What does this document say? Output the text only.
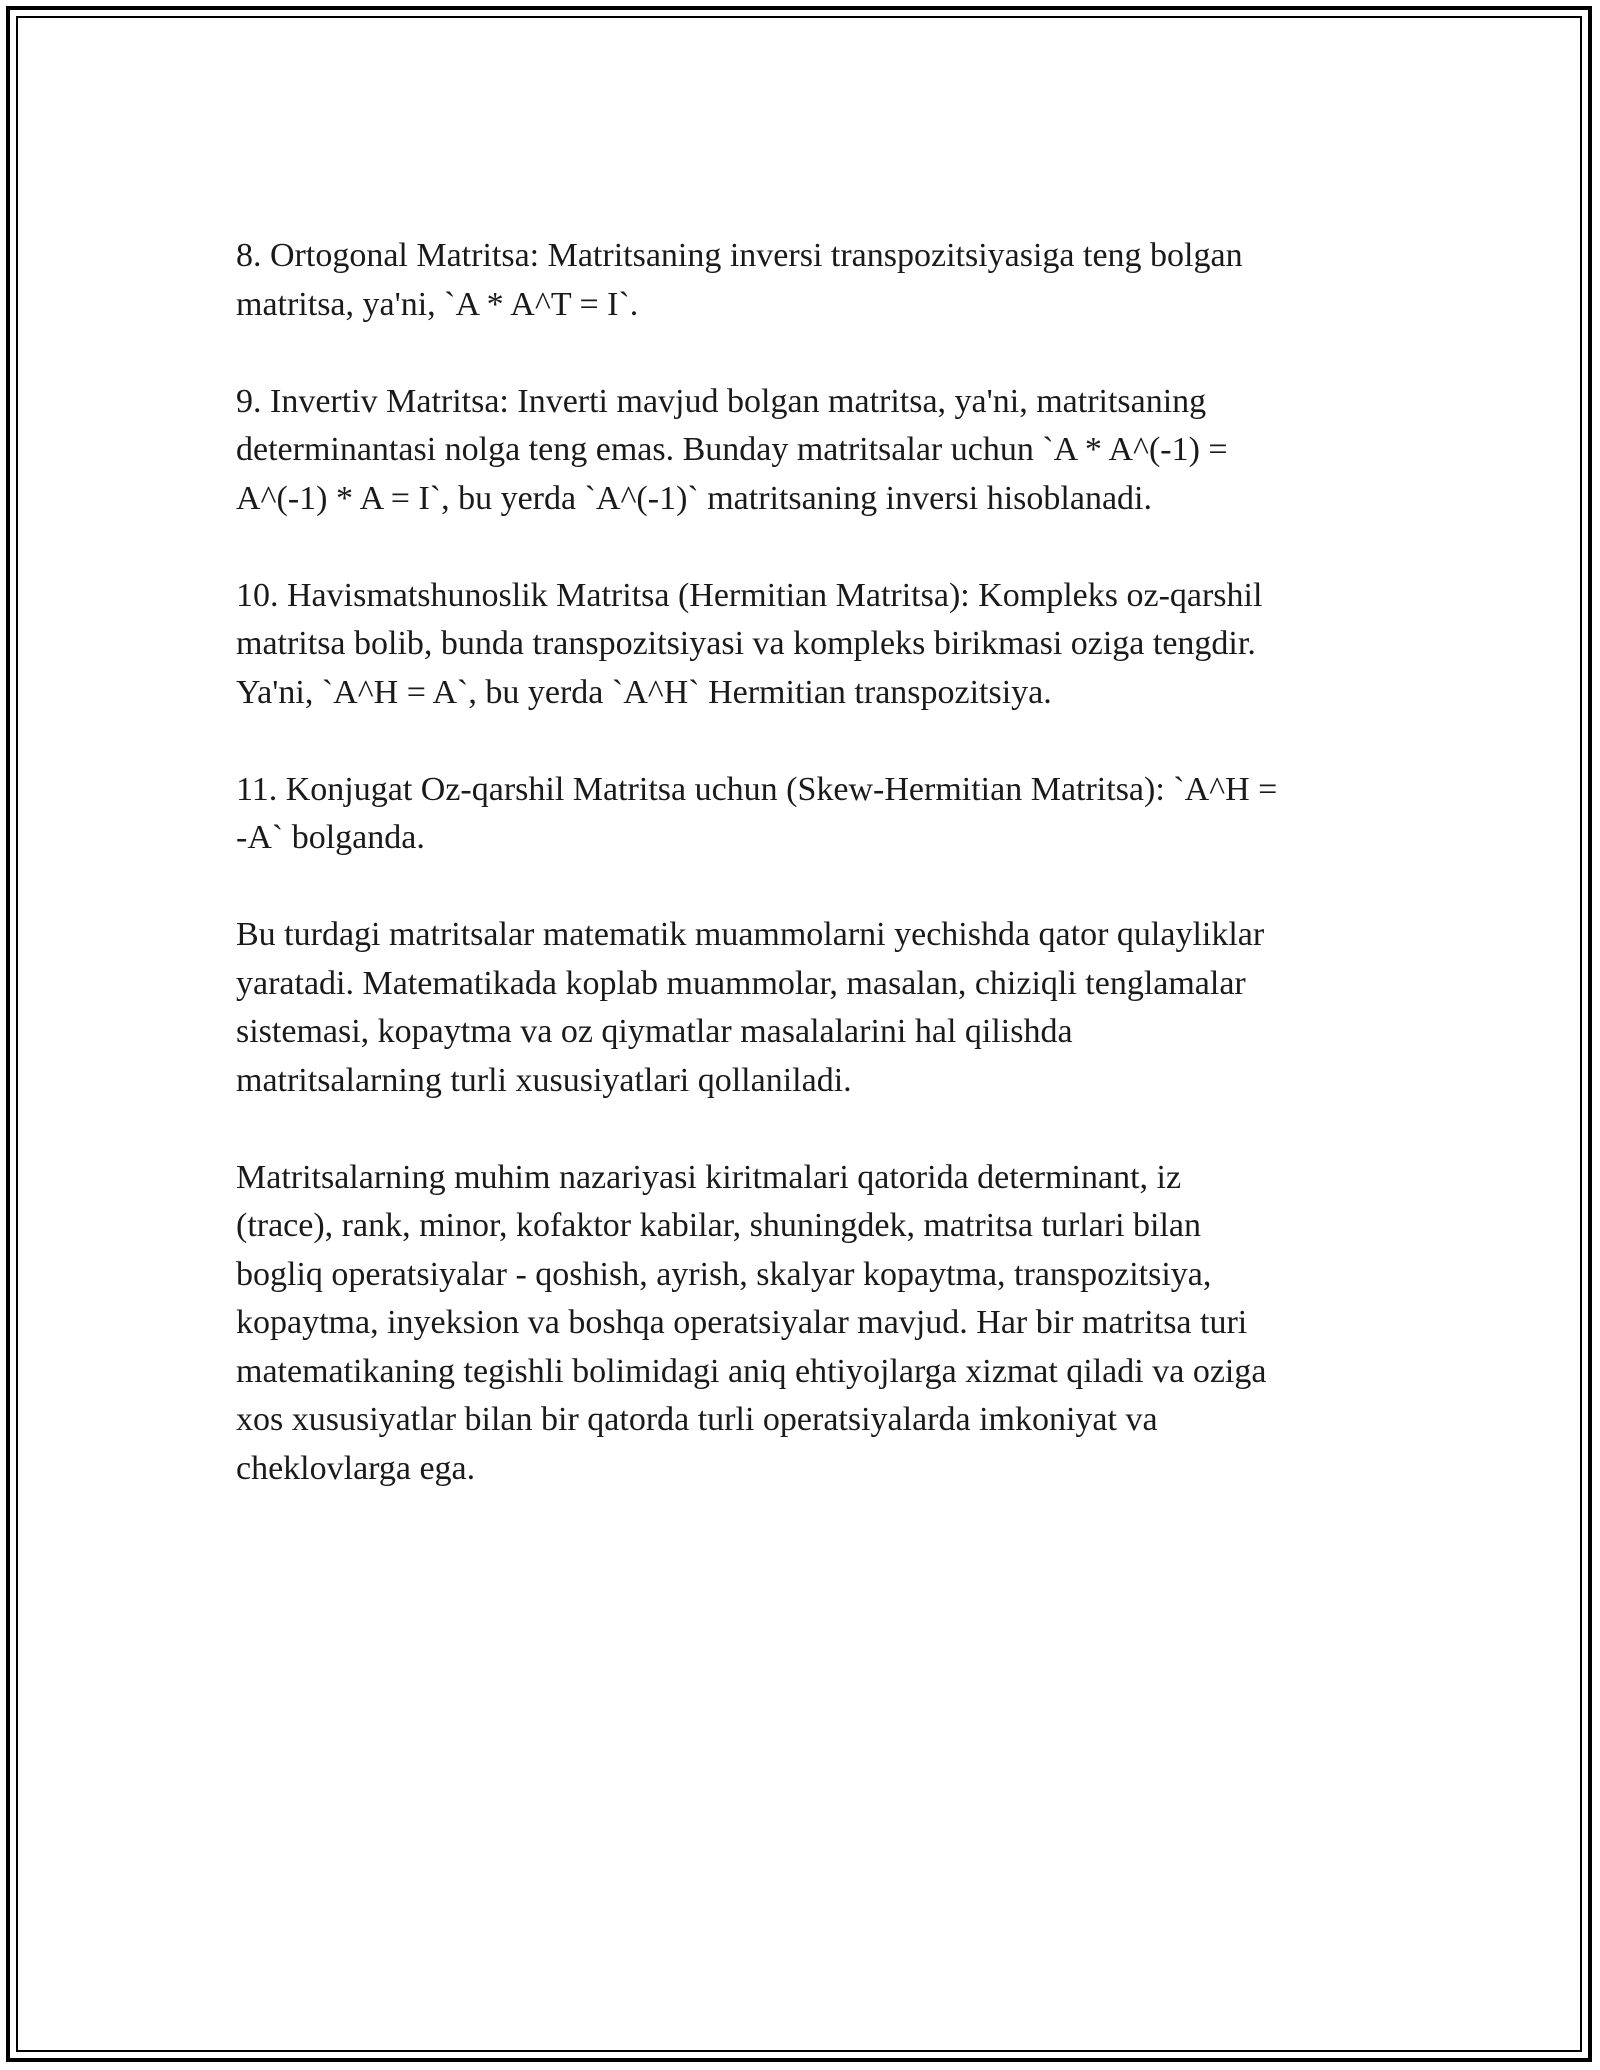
8. Ortogonal Matritsa: Matritsaning inversi transpozitsiyasiga teng bolgan
matritsa, ya'ni, `A * A^T = I`.

9. Invertiv Matritsa: Inverti mavjud bolgan matritsa, ya'ni, matritsaning
determinantasi nolga teng emas. Bunday matritsalar uchun `A * A^(-1) =
A^(-1) * A = I`, bu yerda `A^(-1)` matritsaning inversi hisoblanadi.

10. Havismatshunoslik Matritsa (Hermitian Matritsa): Kompleks oz-qarshil
matritsa bolib, bunda transpozitsiyasi va kompleks birikmasi oziga tengdir.
Ya'ni, `A^H = A`, bu yerda `A^H` Hermitian transpozitsiya.

11. Konjugat Oz-qarshil Matritsa uchun (Skew-Hermitian Matritsa): `A^H =
-A` bolganda.

Bu turdagi matritsalar matematik muammolarni yechishda qator qulayliklar
yaratadi. Matematikada koplab muammolar, masalan, chiziqli tenglamalar
sistemasi, kopaytma va oz qiymatlar masalalarini hal qilishda
matritsalarning turli xususiyatlari qollaniladi.

Matritsalarning muhim nazariyasi kiritmalari qatorida determinant, iz
(trace), rank, minor, kofaktor kabilar, shuningdek, matritsa turlari bilan
bogliq operatsiyalar - qoshish, ayrish, skalyar kopaytma, transpozitsiya,
kopaytma, inyeksion va boshqa operatsiyalar mavjud. Har bir matritsa turi
matematikaning tegishli bolimidagi aniq ehtiyojlarga xizmat qiladi va oziga
xos xususiyatlar bilan bir qatorda turli operatsiyalarda imkoniyat va
cheklovlarga ega.
